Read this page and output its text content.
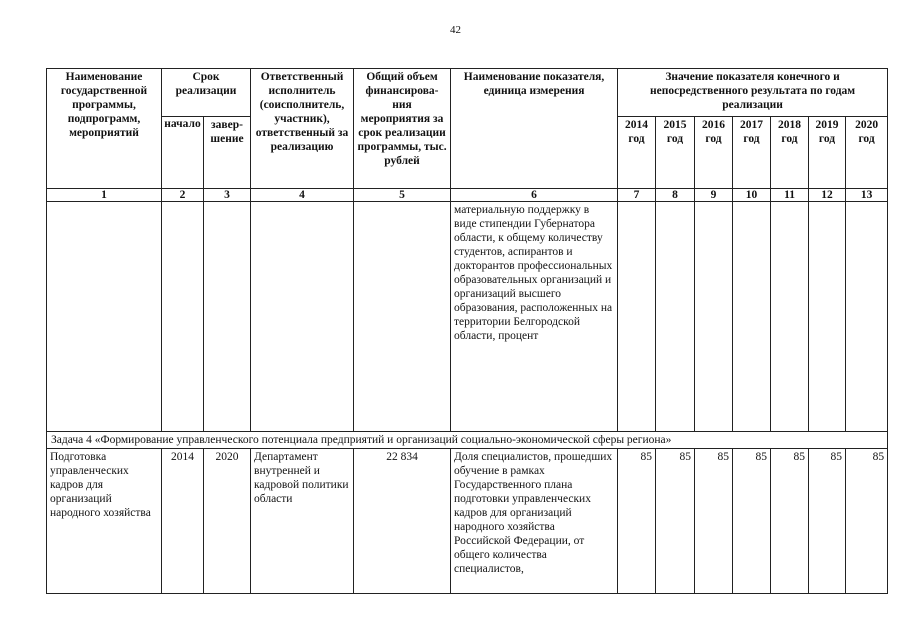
42
Наименование государственной программы, подпрограмм, мероприятий	Срок реализации		Ответственный исполнитель (соисполнитель, участник), ответственный за реализацию	Общий объем финансирова-ния мероприятия за срок реализации программы, тыс. рублей	Наименование показателя, единица измерения	Значение показателя конечного и непосредственного результата по годам реализации						
	начало	завер-шение				2014 год	2015 год	2016 год	2017 год	2018 год	2019 год	2020 год
1	2	3	4	5	6	7	8	9	10	11	12	13
					материальную поддержку в виде стипендии Губернатора области, к общему количеству студентов, аспирантов и докторантов профессиональных образовательных организаций и организаций высшего образования, расположенных на территории Белгородской области, процент							
Задача 4 «Формирование управленческого потенциала предприятий и организаций социально-экономической сферы региона»												
Подготовка управленческих кадров для организаций народного хозяйства	2014	2020	Департамент внутренней и кадровой политики области	22 834	Доля специалистов, прошедших обучение в рамках Государственного плана подготовки управленческих кадров для организаций народного хозяйства Российской Федерации, от общего количества специалистов,	85	85	85	85	85	85	85
